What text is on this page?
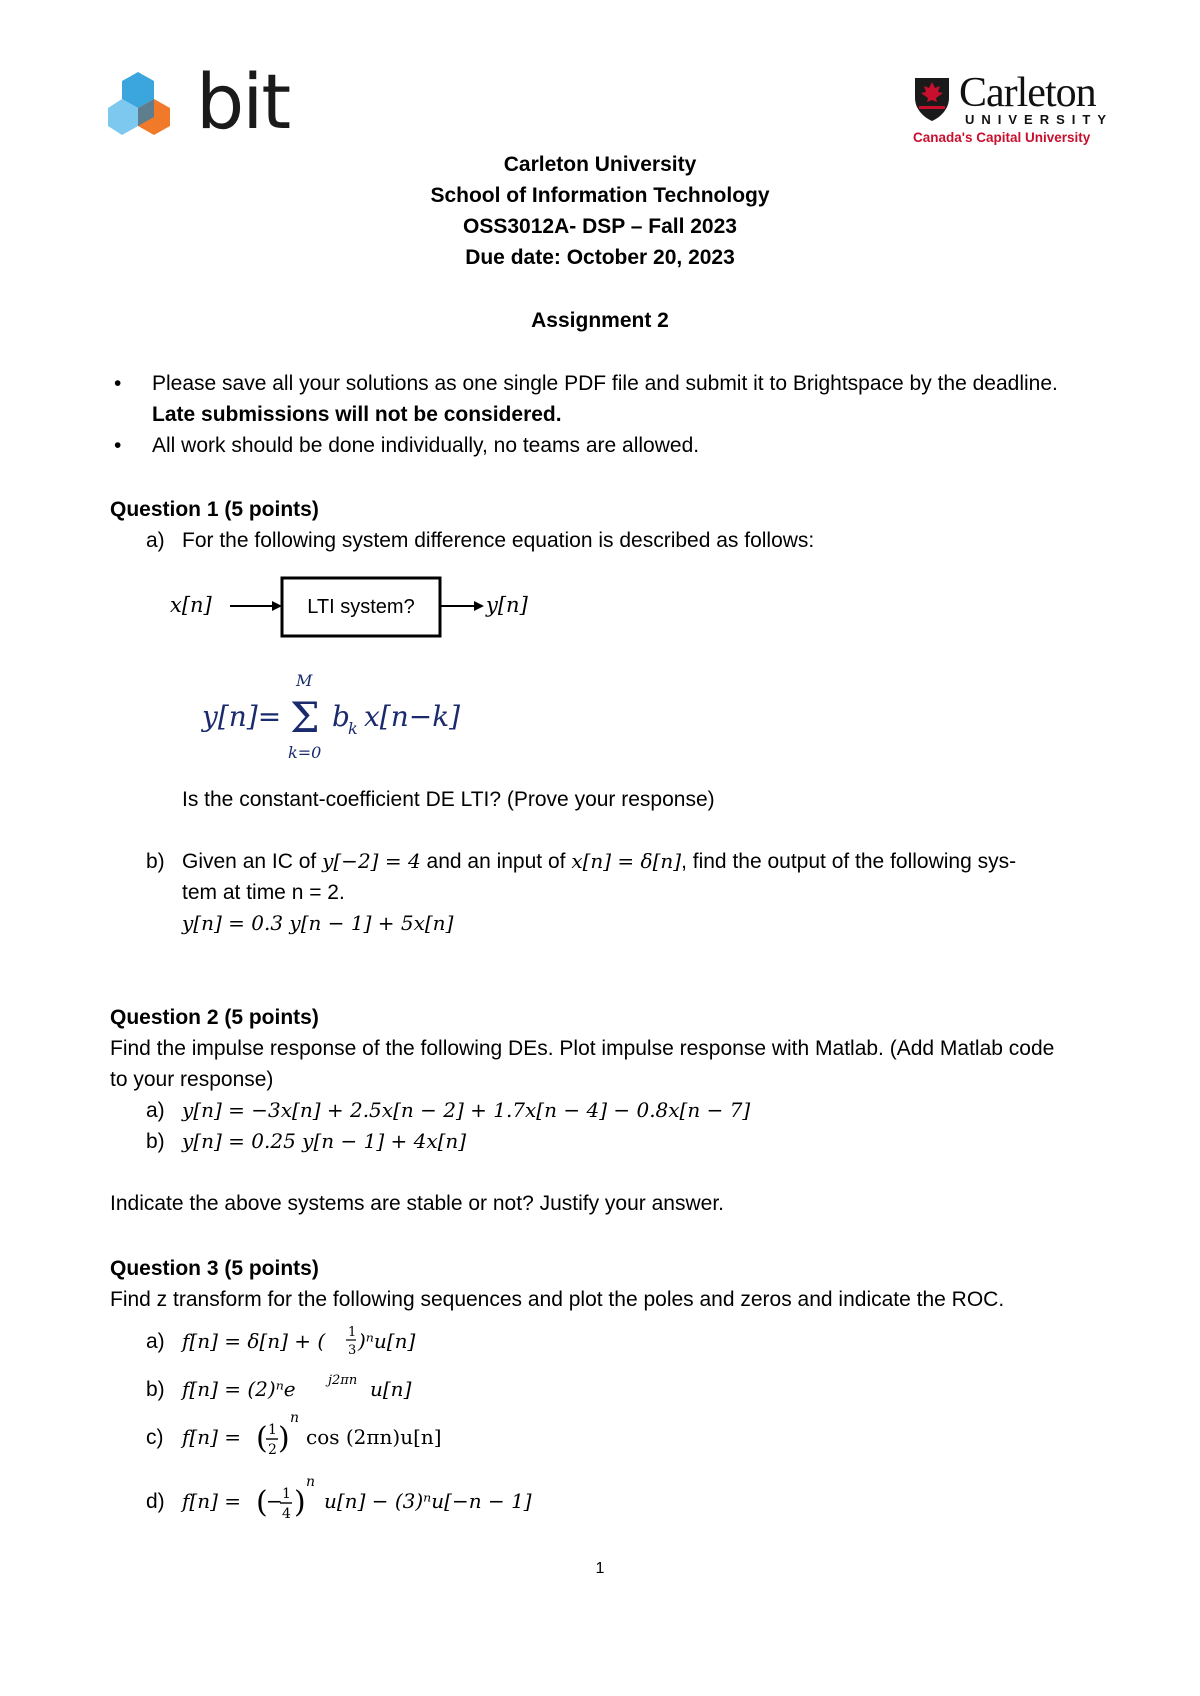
bit	Carleton
UNIVERSITY
Canada's Capital University
Carleton University
School of Information Technology
OSS3012A- DSP – Fall 2023
Due date: October 20, 2023
Assignment 2
• Please save all your solutions as one single PDF file and submit it to Brightspace by the deadline.
Late submissions will not be considered.
• All work should be done individually, no teams are allowed.
Question 1 (5 points)
a) For the following system difference equation is described as follows:
x[n]	LTI system?	y[n]
y[n]=
M
Σ
k=0
b
k x[n−k]
Is the constant-coefficient DE LTI? (Prove your response)
b) Given an IC of y[−2] = 4 and an input of x[n] = δ[n], find the output of the following sys-
tem at time n = 2.
y[n] = 0.3 y[n − 1] + 5x[n]
Question 2 (5 points)
Find the impulse response of the following DEs. Plot impulse response with Matlab. (Add Matlab code
to your response)
a) y[n] = −3x[n] + 2.5x[n − 2] + 1.7x[n − 4] − 0.8x[n − 7]
b) y[n] = 0.25 y[n − 1] + 4x[n]
Indicate the above systems are stable or not? Justify your answer.
Question 3 (5 points)
Find z transform for the following sequences and plot the poles and zeros and indicate the ROC.
a)
b)
c)
d)
f[n] = δ[n] + ( 1
3 )ⁿu[n]
f[n] = (2)ⁿe j2πn u[n]
f[n] = ( 1
2 )
n
cos (2πn)u[n]
f[n] = (
− 1
4 )
n
u[n] − (3)ⁿu[−n − 1]
1
